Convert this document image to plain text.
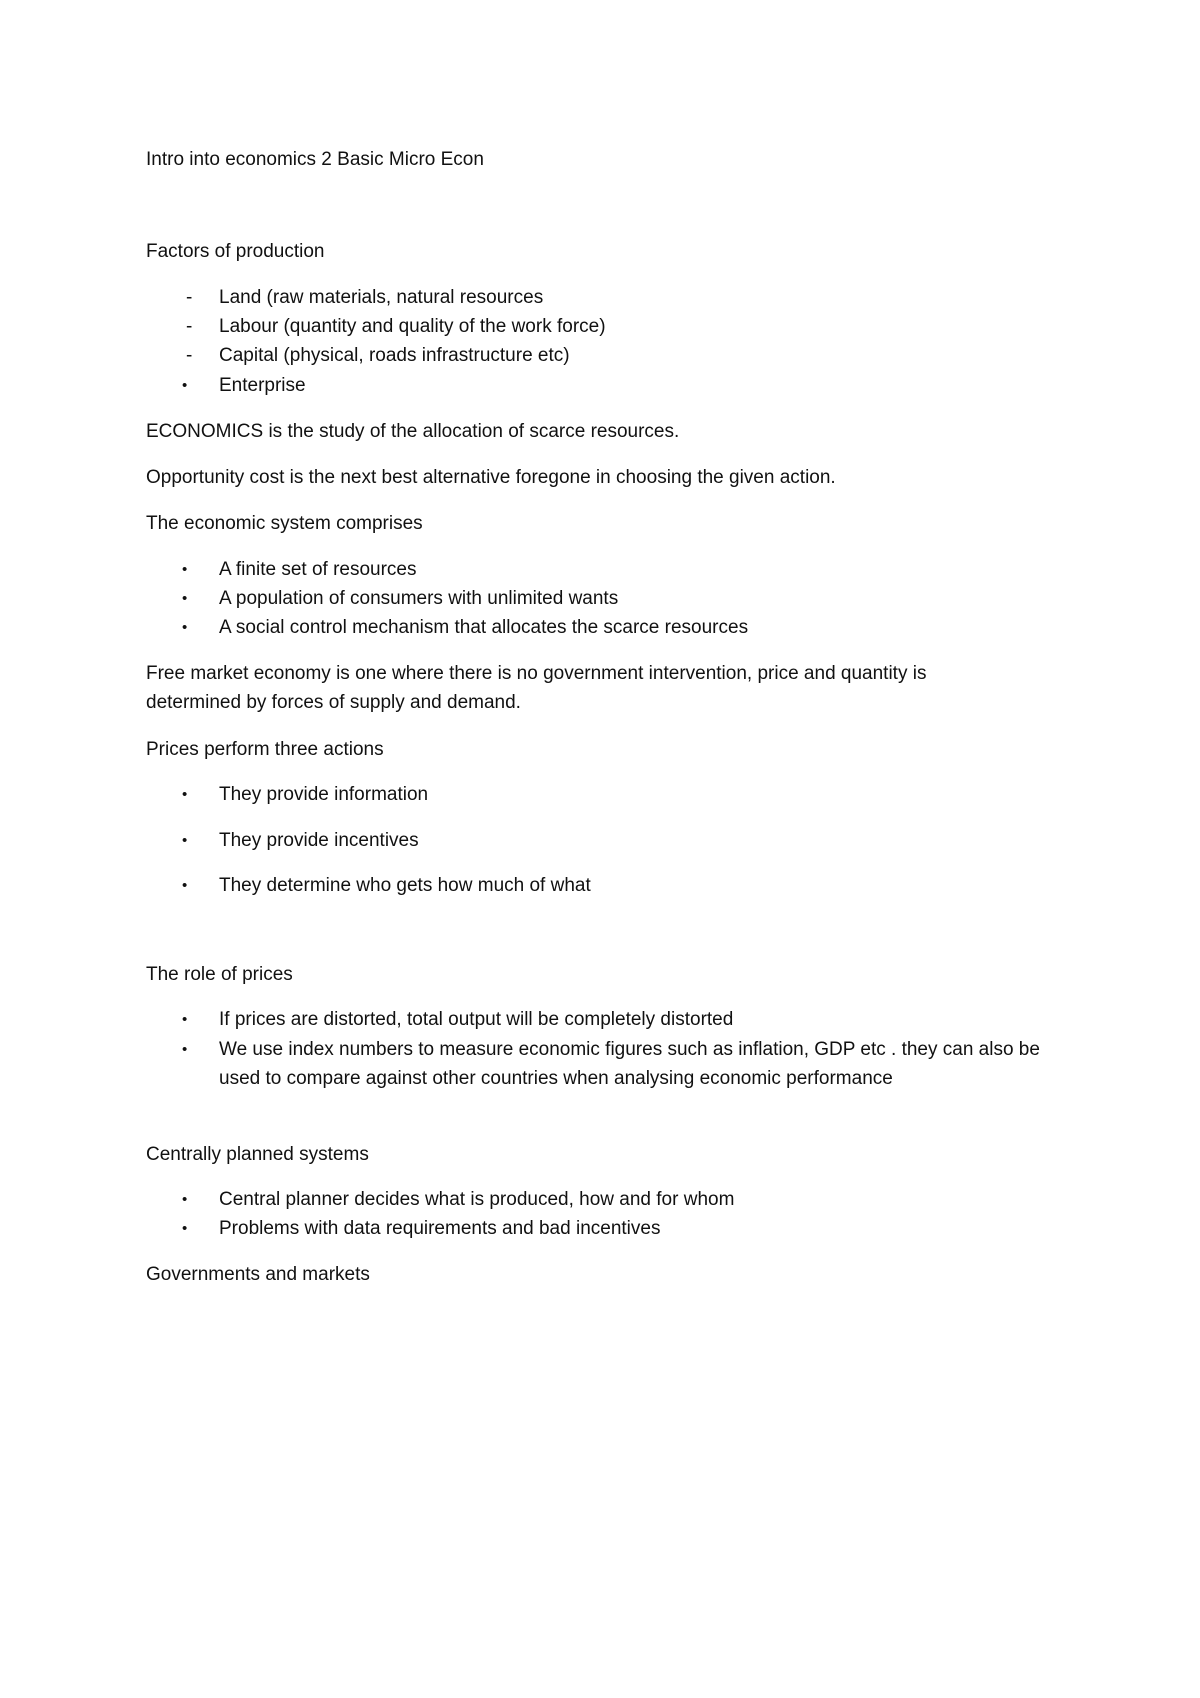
Intro into economics 2 Basic Micro Econ
Factors of production
-	Land (raw materials, natural resources
-	Labour (quantity and quality of the work force)
-	Capital (physical, roads infrastructure etc)
•	Enterprise
ECONOMICS is the study of the allocation of scarce resources.
Opportunity cost is the next best alternative foregone in choosing the given action.
The economic system comprises
•	A finite set of resources
•	A population of consumers with unlimited wants
•	A social control mechanism that allocates the scarce resources
Free market economy is one where there is no government intervention, price and quantity is
determined by forces of supply and demand.
Prices perform three actions
•	They provide information
•	They provide incentives
•	They determine who gets how much of what
The role of prices
•	If prices are distorted, total output will be completely distorted
•	We use index numbers to measure economic figures such as inflation, GDP etc . they can also be used to compare against other countries when analysing economic performance
Centrally planned systems
•	Central planner decides what is produced, how and for whom
•	Problems with data requirements and bad incentives
Governments and markets
